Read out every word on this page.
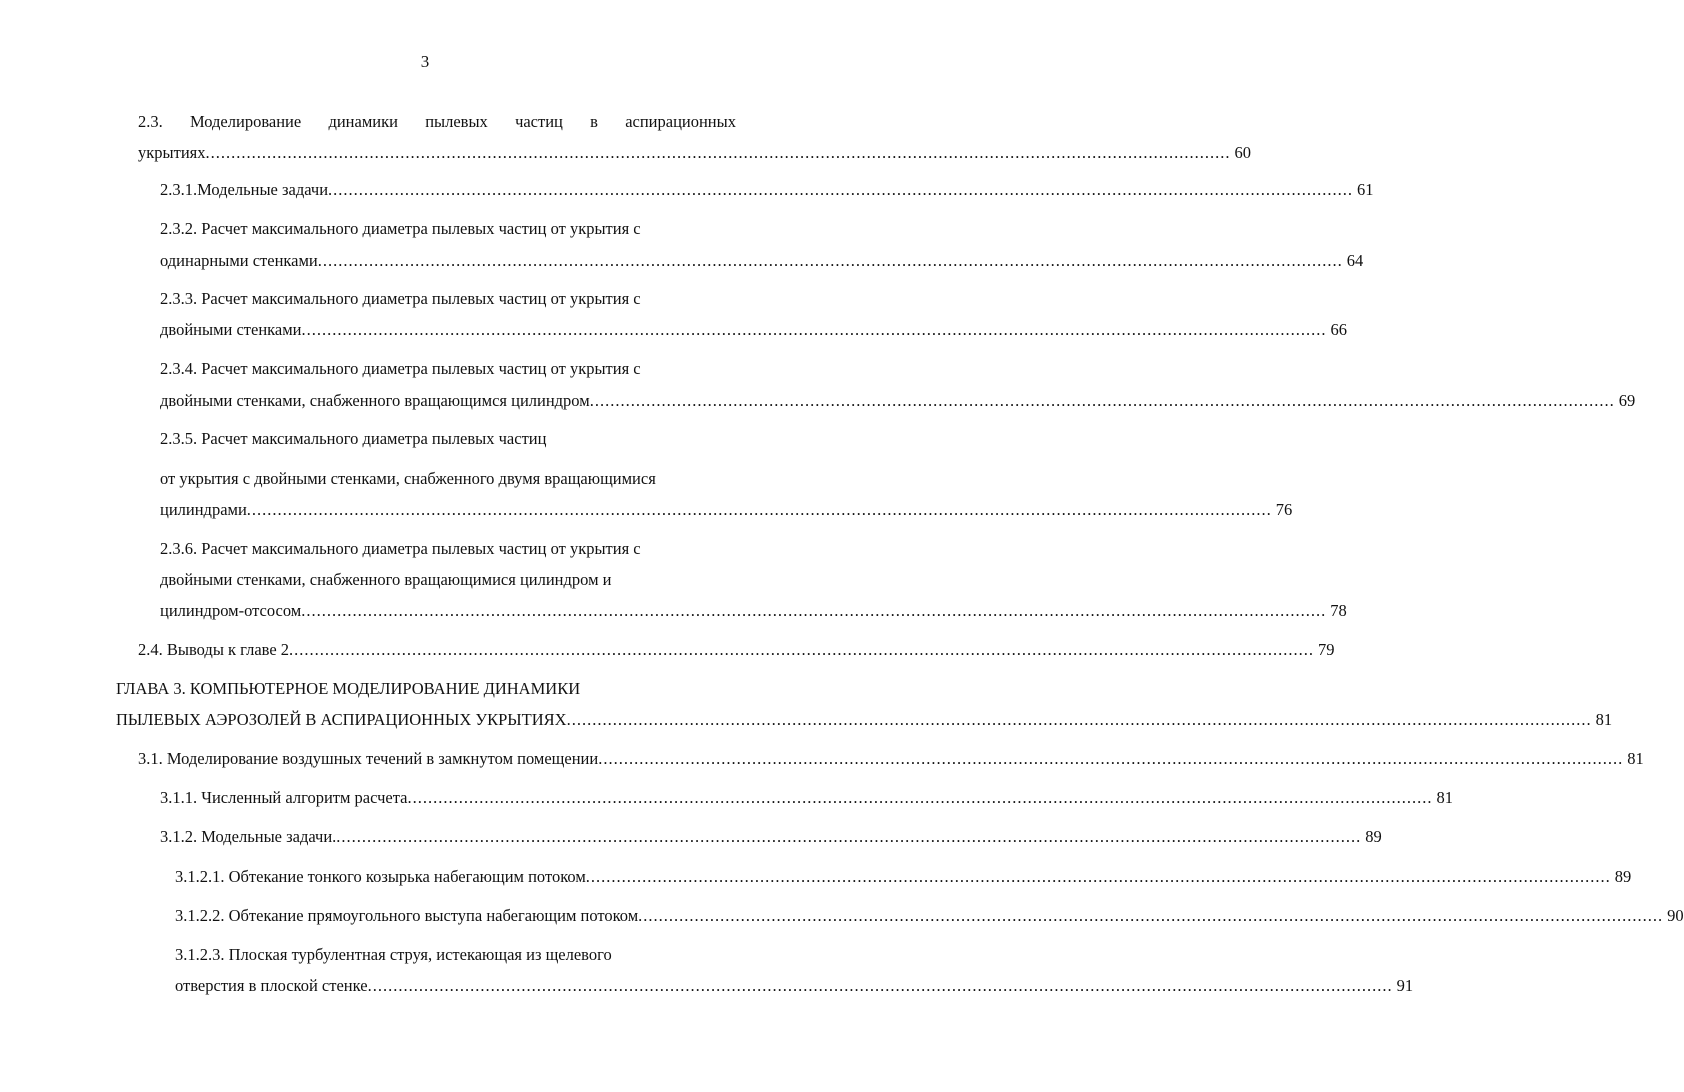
3
2.3. Моделирование динамики пылевых частиц в аспирационных
укрытиях ........................................................................................................................................................................................................ 60
2.3.1.Модельные задачи ........................................................................................................................................................................................................ 61
2.3.2. Расчет максимального диаметра пылевых частиц от укрытия с
одинарными стенками ........................................................................................................................................................................................................ 64
2.3.3. Расчет максимального диаметра пылевых частиц от укрытия с
двойными стенками ........................................................................................................................................................................................................ 66
2.3.4. Расчет максимального диаметра пылевых частиц от укрытия с
двойными стенками, снабженного вращающимся цилиндром ........................................................................................................................................................................................................ 69
2.3.5. Расчет максимального диаметра пылевых частиц
от укрытия с двойными стенками, снабженного двумя вращающимися
цилиндрами ........................................................................................................................................................................................................ 76
2.3.6. Расчет максимального диаметра пылевых частиц от укрытия с
двойными стенками, снабженного вращающимися цилиндром и
цилиндром-отсосом ........................................................................................................................................................................................................ 78
2.4. Выводы к главе 2 ........................................................................................................................................................................................................ 79
ГЛАВА 3. КОМПЬЮТЕРНОЕ МОДЕЛИРОВАНИЕ ДИНАМИКИ
ПЫЛЕВЫХ АЭРОЗОЛЕЙ В АСПИРАЦИОННЫХ УКРЫТИЯХ ........................................................................................................................................................................................................ 81
3.1. Моделирование воздушных течений в замкнутом помещении ........................................................................................................................................................................................................ 81
3.1.1. Численный алгоритм расчета ........................................................................................................................................................................................................ 81
3.1.2. Модельные задачи. ........................................................................................................................................................................................................ 89
3.1.2.1. Обтекание тонкого козырька набегающим потоком ........................................................................................................................................................................................................ 89
3.1.2.2. Обтекание прямоугольного выступа набегающим потоком ........................................................................................................................................................................................................ 90
3.1.2.3. Плоская турбулентная струя, истекающая из щелевого
отверстия в плоской стенке ........................................................................................................................................................................................................ 91
